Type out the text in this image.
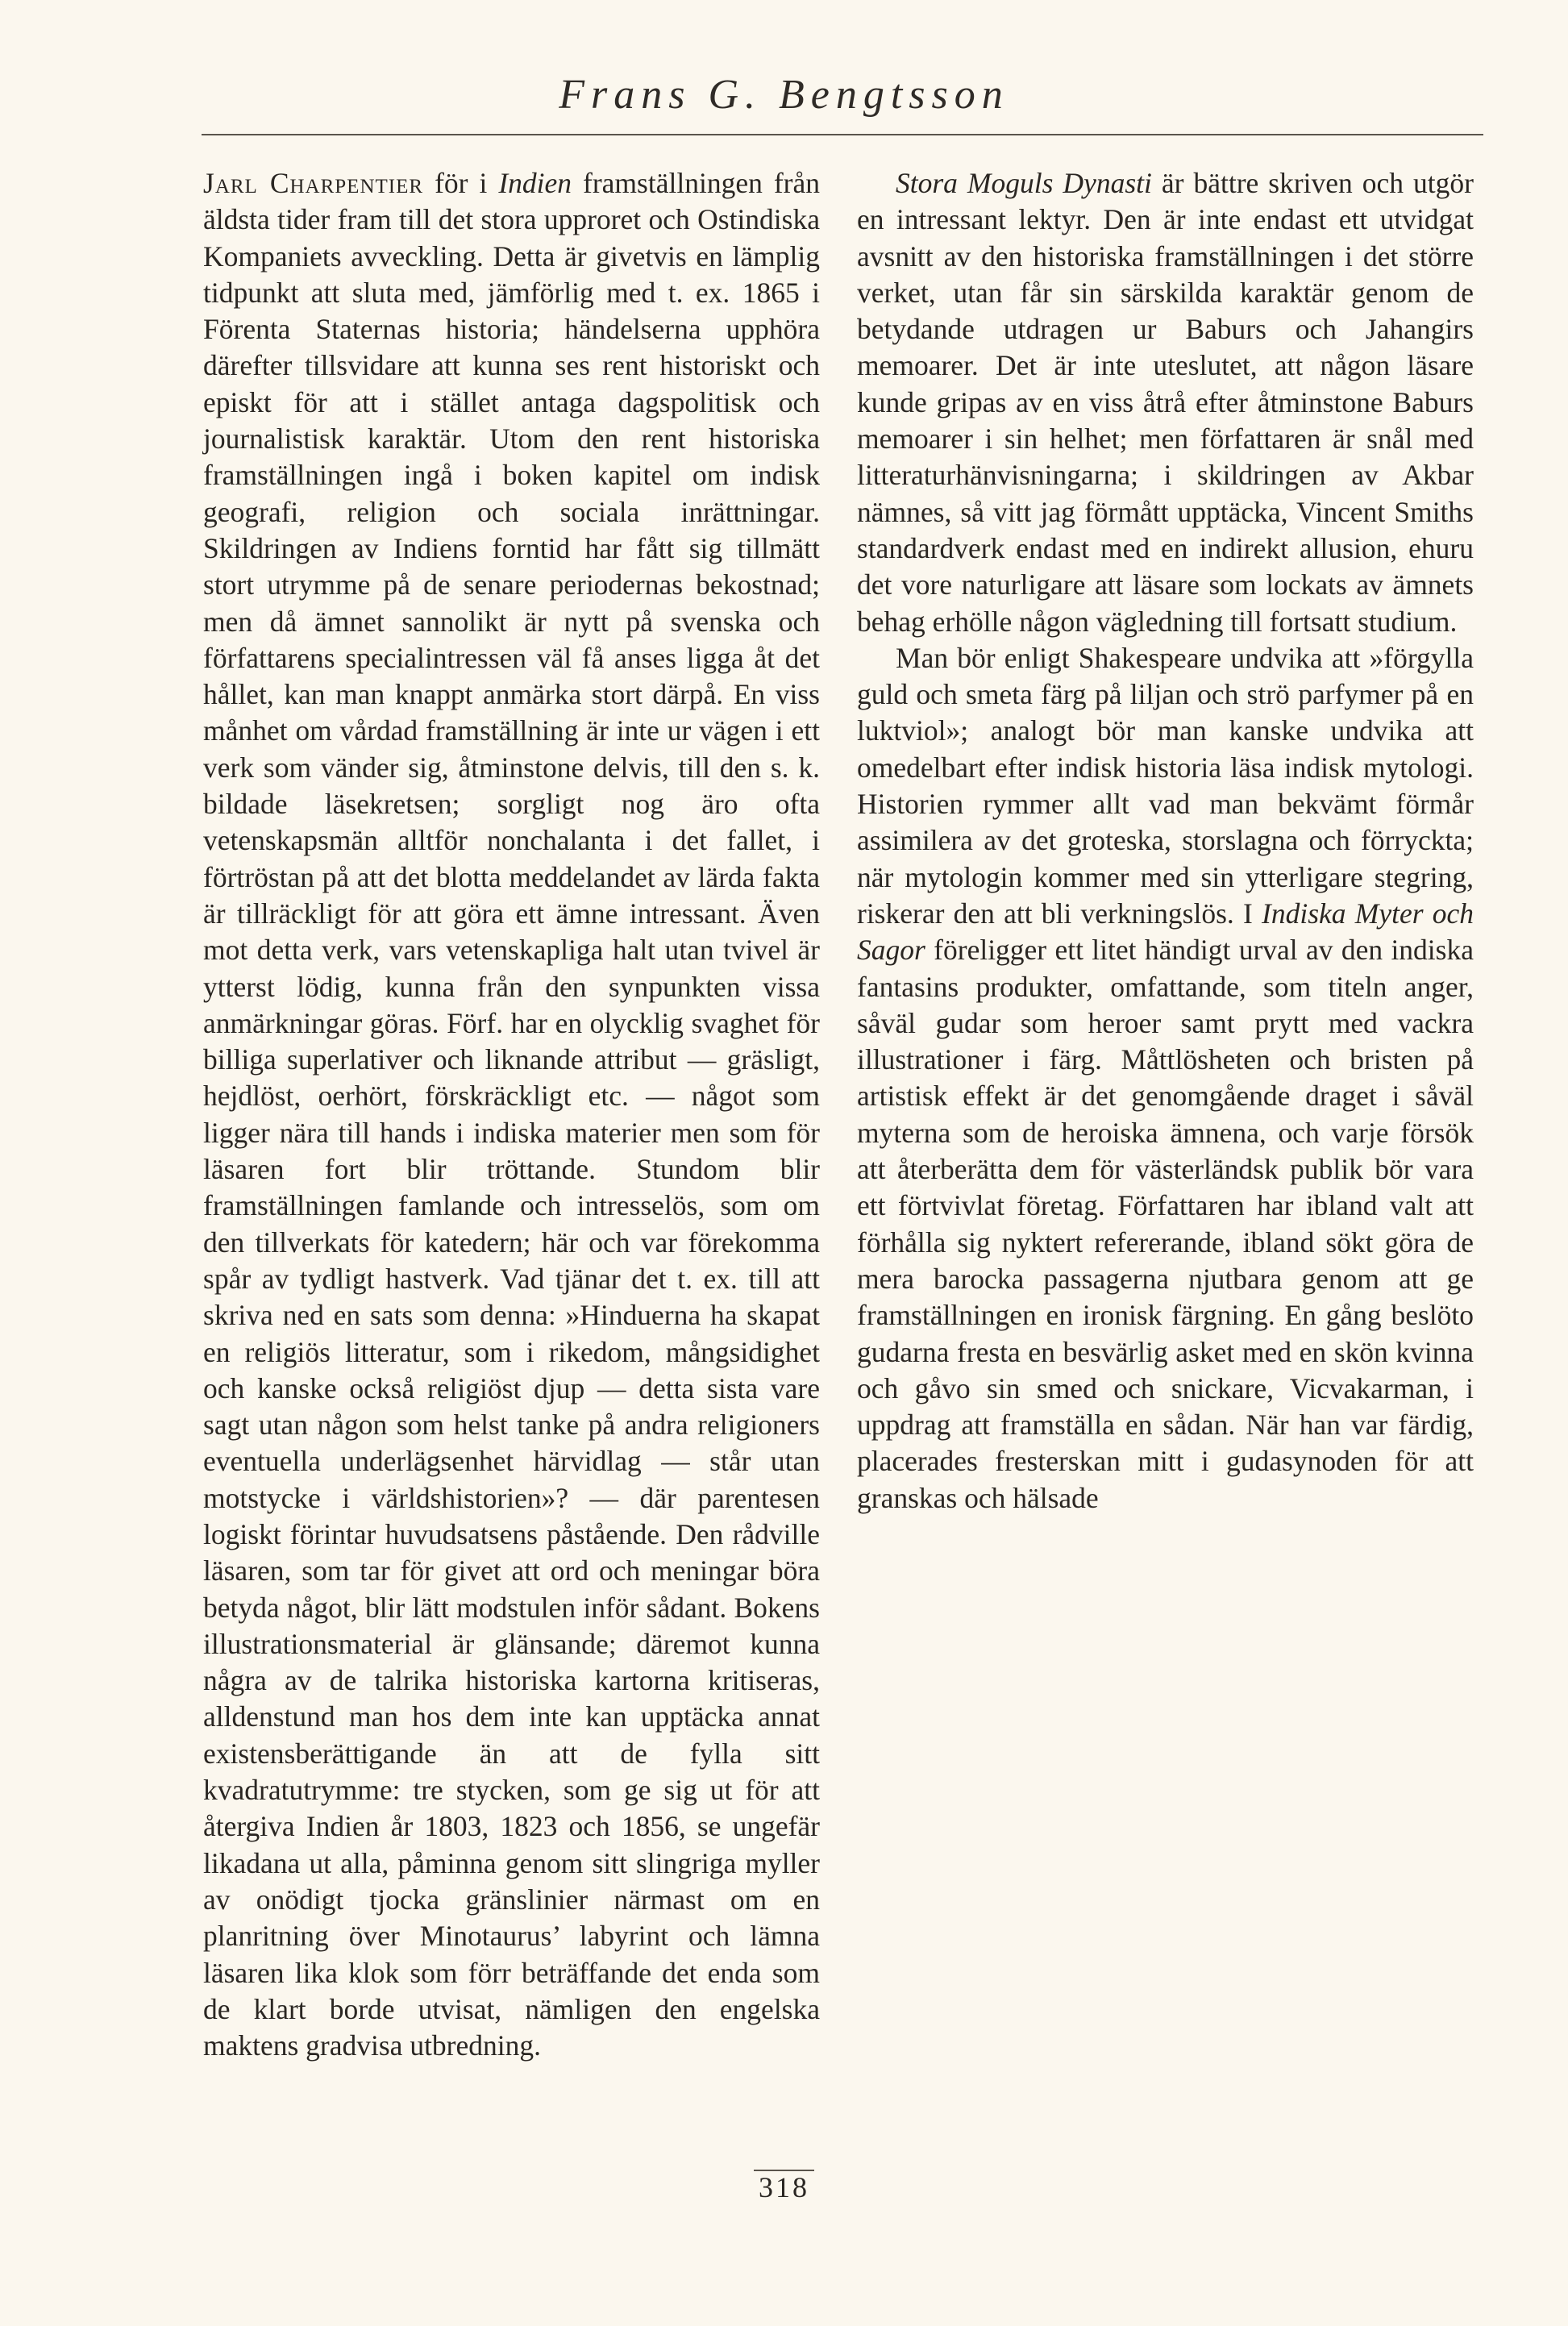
Frans G. Bengtsson

Jarl Charpentier för i Indien framställningen från äldsta tider fram till det stora upproret och Ostindiska Kompaniets avveckling. Detta är givetvis en lämplig tidpunkt att sluta med, jämförlig med t. ex. 1865 i Förenta Staternas historia; händelserna upphöra därefter tillsvidare att kunna ses rent historiskt och episkt för att i stället antaga dagspolitisk och journalistisk karaktär. Utom den rent historiska framställningen ingå i boken kapitel om indisk geografi, religion och sociala inrättningar. Skildringen av Indiens forntid har fått sig tillmätt stort utrymme på de senare periodernas bekostnad; men då ämnet sannolikt är nytt på svenska och författarens specialintressen väl få anses ligga åt det hållet, kan man knappt anmärka stort därpå. En viss månhet om vårdad framställning är inte ur vägen i ett verk som vänder sig, åtminstone delvis, till den s. k. bildade läsekretsen; sorgligt nog äro ofta vetenskapsmän alltför nonchalanta i det fallet, i förtröstan på att det blotta meddelandet av lärda fakta är tillräckligt för att göra ett ämne intressant. Även mot detta verk, vars vetenskapliga halt utan tvivel är ytterst lödig, kunna från den synpunkten vissa anmärkningar göras. Förf. har en olycklig svaghet för billiga superlativer och liknande attribut — gräsligt, hejdlöst, oerhört, förskräckligt etc. — något som ligger nära till hands i indiska materier men som för läsaren fort blir tröttande. Stundom blir framställningen famlande och intresselös, som om den tillverkats för katedern; här och var förekomma spår av tydligt hastverk. Vad tjänar det t. ex. till att skriva ned en sats som denna: »Hinduerna ha skapat en religiös litteratur, som i rikedom, mångsidighet och kanske också religiöst djup — detta sista vare sagt utan någon som helst tanke på andra religioners eventuella underlägsenhet härvidlag — står utan motstycke i världshistorien»? — där parentesen logiskt förintar huvudsatsens påstående. Den rådville läsaren, som tar för givet att ord och meningar böra betyda något, blir lätt modstulen inför sådant. Bokens illustrationsmaterial är glänsande; däremot kunna några av de talrika historiska kartorna kritiseras, alldenstund man hos dem inte kan upptäcka annat existensberättigande än att de fylla sitt kvadratutrymme: tre stycken, som ge sig ut för att återgiva Indien år 1803, 1823 och 1856, se ungefär likadana ut alla, påminna genom sitt slingriga myller av onödigt tjocka gränslinier närmast om en planritning över Minotaurus’ labyrint och lämna läsaren lika klok som förr beträffande det enda som de klart borde utvisat, nämligen den engelska maktens gradvisa utbredning.

Stora Moguls Dynasti är bättre skriven och utgör en intressant lektyr. Den är inte endast ett utvidgat avsnitt av den historiska framställningen i det större verket, utan får sin särskilda karaktär genom de betydande utdragen ur Baburs och Jahangirs memoarer. Det är inte uteslutet, att någon läsare kunde gripas av en viss åtrå efter åtminstone Baburs memoarer i sin helhet; men författaren är snål med litteraturhänvisningarna; i skildringen av Akbar nämnes, så vitt jag förmått upptäcka, Vincent Smiths standardverk endast med en indirekt allusion, ehuru det vore naturligare att läsare som lockats av ämnets behag erhölle någon vägledning till fortsatt studium.

Man bör enligt Shakespeare undvika att »förgylla guld och smeta färg på liljan och strö parfymer på en luktviol»; analogt bör man kanske undvika att omedelbart efter indisk historia läsa indisk mytologi. Historien rymmer allt vad man bekvämt förmår assimilera av det groteska, storslagna och förryckta; när mytologin kommer med sin ytterligare stegring, riskerar den att bli verkningslös. I Indiska Myter och Sagor föreligger ett litet händigt urval av den indiska fantasins produkter, omfattande, som titeln anger, såväl gudar som heroer samt prytt med vackra illustrationer i färg. Måttlösheten och bristen på artistisk effekt är det genomgående draget i såväl myterna som de heroiska ämnena, och varje försök att återberätta dem för västerländsk publik bör vara ett förtvivlat företag. Författaren har ibland valt att förhålla sig nyktert refererande, ibland sökt göra de mera barocka passagerna njutbara genom att ge framställningen en ironisk färgning. En gång beslöto gudarna fresta en besvärlig asket med en skön kvinna och gåvo sin smed och snickare, Vicvakarman, i uppdrag att framställa en sådan. När han var färdig, placerades fresterskan mitt i gudasynoden för att granskas och hälsade

318
